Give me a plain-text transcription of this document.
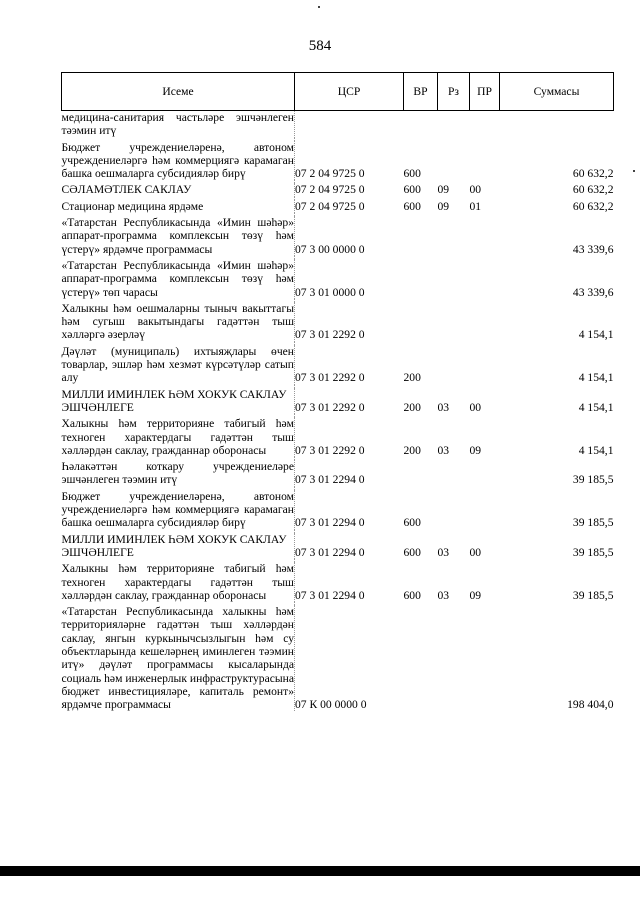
584
Исеме	ЦСР	ВР	Рз	ПР	Суммасы
медицина-санитария частьләре эшчәнлеген тәэмин итү					

Бюджет учреждениеләренә, автоном учреждениеләргә һәм коммерциягә карамаган башка оешмаларга субсидияләр бирү	07 2 04 9725 0	600			60 632,2

СӘЛАМӘТЛЕК САКЛАУ	07 2 04 9725 0	600	09	00	60 632,2

Стационар медицина ярдәме	07 2 04 9725 0	600	09	01	60 632,2

«Татарстан Республикасында «Имин шәһәр» аппарат-программа комплексын төзү һәм үстерү» ярдәмче программасы	07 3 00 0000 0				43 339,6

«Татарстан Республикасында «Имин шәһәр» аппарат-программа комплексын төзү һәм үстерү» төп чарасы	07 3 01 0000 0				43 339,6

Халыкны һәм оешмаларны тыныч вакыттагы һәм сугыш вакытындагы гадәттән тыш хәлләргә әзерләү	07 3 01 2292 0				4 154,1

Дәүләт (муниципаль) ихтыяҗлары өчен товарлар, эшләр һәм хезмәт күрсәтүләр сатып алу	07 3 01 2292 0	200			4 154,1

МИЛЛИ ИМИНЛЕК ҺӘМ ХОКУК САКЛАУ ЭШЧӘНЛЕГЕ	07 3 01 2292 0	200	03	00	4 154,1

Халыкны һәм территорияне табигый һәм техноген характердагы гадәттән тыш хәлләрдән саклау, гражданнар оборонасы	07 3 01 2292 0	200	03	09	4 154,1

Һәлакәттән коткару учреждениеләре эшчәнлеген тәэмин итү	07 3 01 2294 0				39 185,5

Бюджет учреждениеләренә, автоном учреждениеләргә һәм коммерциягә карамаган башка оешмаларга субсидияләр бирү	07 3 01 2294 0	600			39 185,5

МИЛЛИ ИМИНЛЕК ҺӘМ ХОКУК САКЛАУ ЭШЧӘНЛЕГЕ	07 3 01 2294 0	600	03	00	39 185,5

Халыкны һәм территорияне табигый һәм техноген характердагы гадәттән тыш хәлләрдән саклау, гражданнар оборонасы	07 3 01 2294 0	600	03	09	39 185,5

«Татарстан Республикасында халыкны һәм территорияләрне гадәттән тыш хәлләрдән саклау, янгын куркынычсызлыгын һәм су объектларында кешеләрнең иминлеген тәэмин итү» дәүләт программасы кысаларында социаль һәм инженерлык инфраструктурасына бюджет инвестицияләре, капиталь ремонт» ярдәмче программасы	07 К 00 0000 0				198 404,0
